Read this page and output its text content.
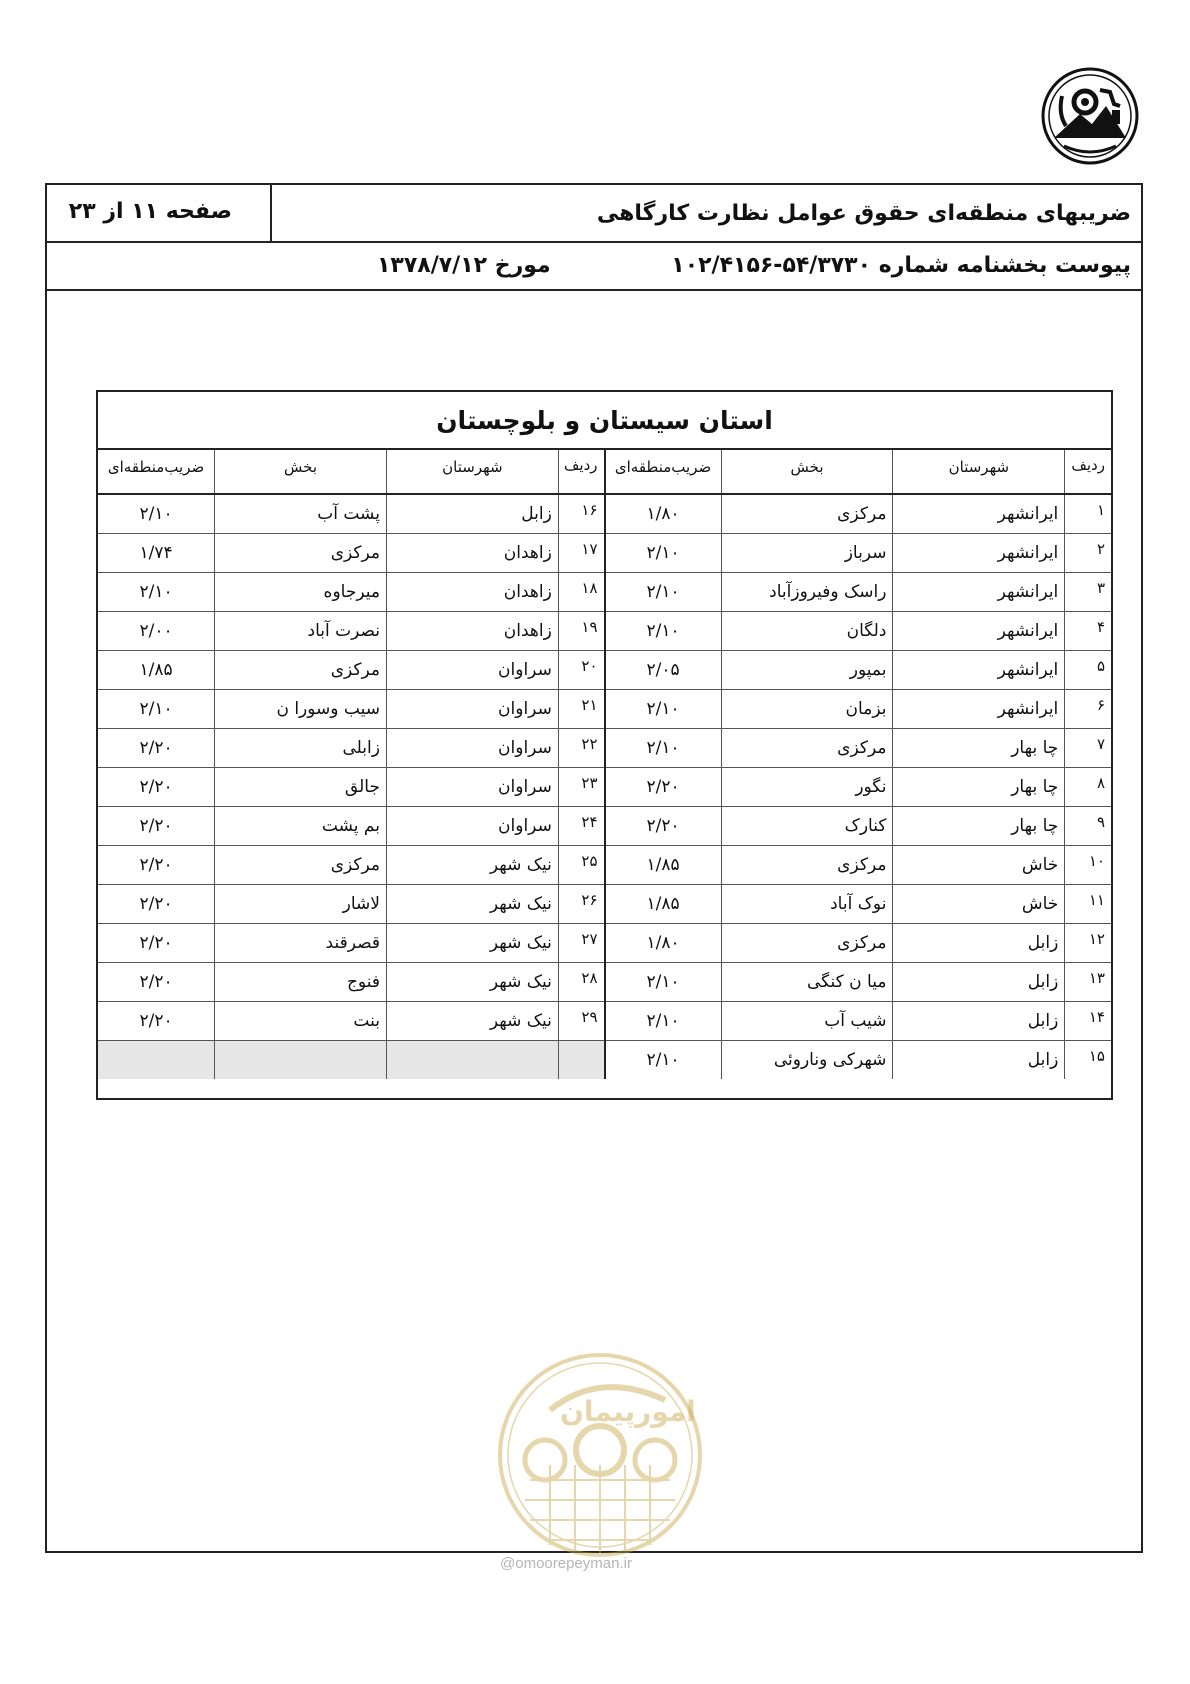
ضریبهای منطقه‌ای حقوق عوامل نظارت کارگاهی
صفحه ۱۱ از ۲۳
پیوست بخشنامه شماره ۵۴/۳۷۳۰-۱۰۲/۴۱۵۶
مورخ ۱۳۷۸/۷/۱۲
استان سیستان و بلوچستان
ردیف	شهرستان	بخش	ضریب‌منطقه‌ای	ردیف	شهرستان	بخش	ضریب‌منطقه‌ای
۱	ایرانشهر	مرکزی	۱/۸۰	۱۶	زابل	پشت آب	۲/۱۰
۲	ایرانشهر	سرباز	۲/۱۰	۱۷	زاهدان	مرکزی	۱/۷۴
۳	ایرانشهر	راسک وفیروزآباد	۲/۱۰	۱۸	زاهدان	میرجاوه	۲/۱۰
۴	ایرانشهر	دلگان	۲/۱۰	۱۹	زاهدان	نصرت آباد	۲/۰۰
۵	ایرانشهر	بمپور	۲/۰۵	۲۰	سراوان	مرکزی	۱/۸۵
۶	ایرانشهر	بزمان	۲/۱۰	۲۱	سراوان	سیب وسورا ن	۲/۱۰
۷	چا بهار	مرکزی	۲/۱۰	۲۲	سراوان	زابلی	۲/۲۰
۸	چا بهار	نگور	۲/۲۰	۲۳	سراوان	جالق	۲/۲۰
۹	چا بهار	کنارک	۲/۲۰	۲۴	سراوان	بم پشت	۲/۲۰
۱۰	خاش	مرکزی	۱/۸۵	۲۵	نیک شهر	مرکزی	۲/۲۰
۱۱	خاش	نوک آباد	۱/۸۵	۲۶	نیک شهر	لاشار	۲/۲۰
۱۲	زابل	مرکزی	۱/۸۰	۲۷	نیک شهر	قصرقند	۲/۲۰
۱۳	زابل	میا ن کنگی	۲/۱۰	۲۸	نیک شهر	فنوج	۲/۲۰
۱۴	زابل	شیب آب	۲/۱۰	۲۹	نیک شهر	بنت	۲/۲۰
۱۵	زابل	شهرکی وناروئی	۲/۱۰				
امورپیمان
@omoorepeyman.ir
